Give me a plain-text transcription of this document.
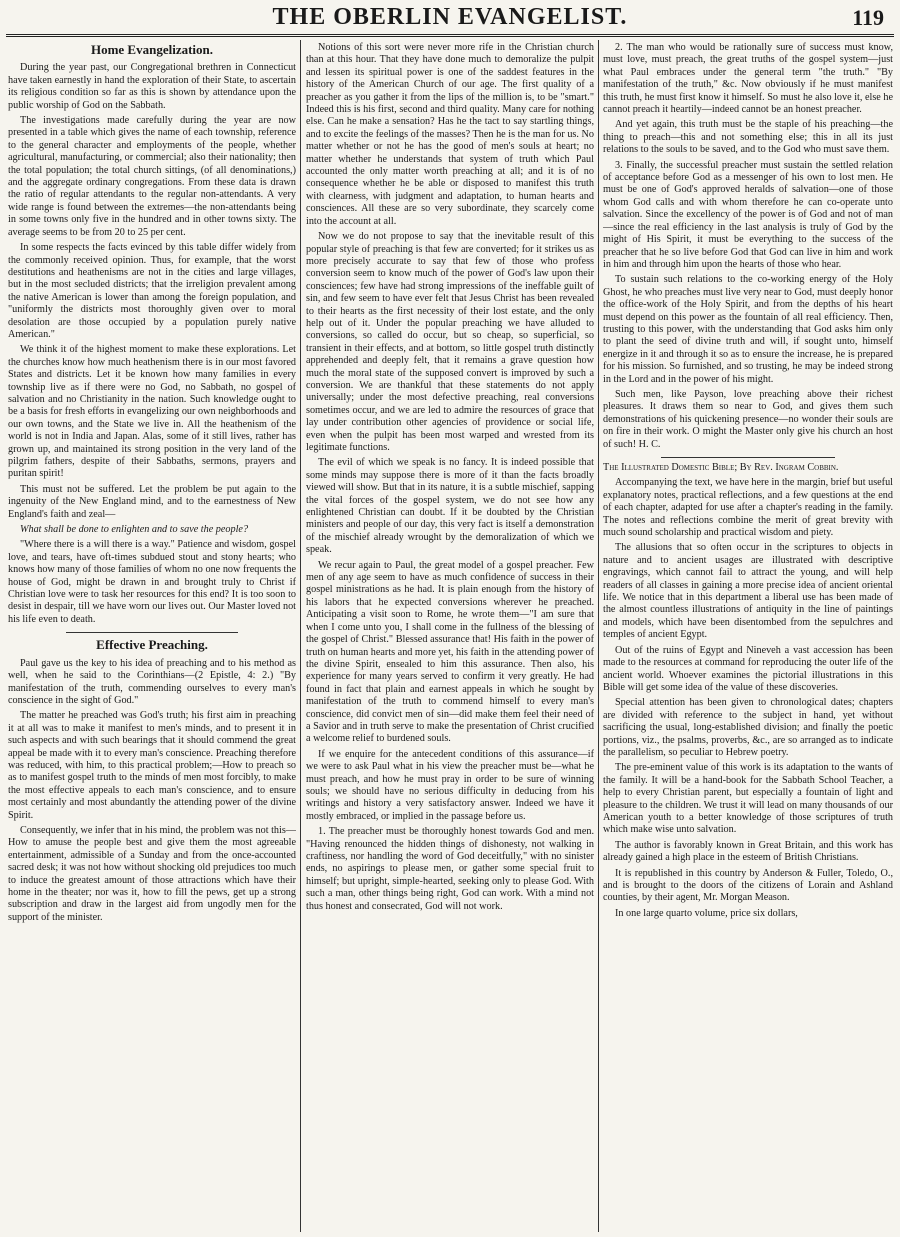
THE OBERLIN EVANGELIST.	119
Home Evangelization.

During the year past, our Congregational brethren in Connecticut have taken earnestly in hand the exploration of their State, to ascertain its religious condition so far as this is shown by attendance upon the public worship of God on the Sabbath.

The investigations made carefully during the year are now presented in a table which gives the name of each township, reference to the general character and employments of the people, whether agricultural, manufacturing, or commercial; also their nationality; then the total population; the total church sittings, (of all denominations,) and the aggregate ordinary congregations. From these data is drawn the ratio of regular attendants to the regular non-attendants. A very wide range is found between the extremes—the non-attendants being in some towns only five in the hundred and in other towns sixty. The average seems to be from 20 to 25 per cent.

In some respects the facts evinced by this table differ widely from the commonly received opinion. Thus, for example, that the worst destitutions and heathenisms are not in the cities and large villages, but in the most secluded districts; that the irreligion prevalent among the native American is lower than among the foreign population, and "uniformly the districts most thoroughly given over to moral desolation are those occupied by a population purely native American."

We think it of the highest moment to make these explorations. Let the churches know how much heathenism there is in our most favored States and districts. Let it be known how many families in every township live as if there were no God, no Sabbath, no gospel of salvation and no Christianity in the nation. Such knowledge ought to be a basis for fresh efforts in evangelizing our own neighborhoods and our own towns, and the State we live in. All the heathenism of the world is not in India and Japan. Alas, some of it still lives, rather has grown up, and maintained its strong position in the very land of the pilgrim fathers, despite of their Sabbaths, sermons, prayers and puritan spirit!

This must not be suffered. Let the problem be put again to the ingenuity of the New England mind, and to the earnestness of New England's faith and zeal—

What shall be done to enlighten and to save the people?

"Where there is a will there is a way." Patience and wisdom, gospel love, and tears, have oft-times subdued stout and stony hearts; who knows how many of those families of whom no one now frequents the house of God, might be drawn in and brought truly to Christ if Christian love were to task her resources for this end? It is too soon to desist in despair, till we have worn our lives out. Our Master loved not his life even to death.

Effective Preaching.

Paul gave us the key to his idea of preaching and to his method as well, when he said to the Corinthians—(2 Epistle, 4: 2.) "By manifestation of the truth, commending ourselves to every man's conscience in the sight of God."

The matter he preached was God's truth; his first aim in preaching it at all was to make it manifest to men's minds, and to present it in such aspects and with such bearings that it should commend the great appeal be made with it to every man's conscience. Preaching therefore was reduced, with him, to this practical problem;—How to preach so as to manifest gospel truth to the minds of men most forcibly, to make the most effective appeals to each man's conscience, and to ensure most certainly and most abundantly the attending power of the divine Spirit.

Consequently, we infer that in his mind, the problem was not this—How to amuse the people best and give them the most agreeable entertainment, admissible of a Sunday and from the once-accounted sacred desk; it was not how without shocking old prejudices too much to induce the greatest amount of those attractions which have their home in the theater; nor was it, how to fill the pews, get up a strong subscription and draw in the largest aid from ungodly men for the support of the minister.

Notions of this sort were never more rife in the Christian church than at this hour. That they have done much to demoralize the pulpit and lessen its spiritual power is one of the saddest features in the history of the American Church of our age. The first quality of a preacher as you gather it from the lips of the million is, to be "smart." Indeed this is his first, second and third quality. Many care for nothing else. Can he make a sensation? Has he the tact to say startling things, and to excite the feelings of the masses? Then he is the man for us. No matter whether or not he has the good of men's souls at heart; no matter whether he understands that system of truth which Paul accounted the only matter worth preaching at all; and it is of no consequence whether he be able or disposed to manifest this truth with clearness, with judgment and adaptation, to human hearts and consciences. All these are so very subordinate, they scarcely come into the account at all.

Now we do not propose to say that the inevitable result of this popular style of preaching is that few are converted; for it strikes us as more precisely accurate to say that few of those who profess conversion seem to know much of the power of God's law upon their consciences; few have had strong impressions of the ineffable guilt of sin, and few seem to have ever felt that Jesus Christ has been revealed to their hearts as the first necessity of their lost estate, and the only help out of it. Under the popular preaching we have alluded to conversions, so called do occur, but so cheap, so superficial, so transient in their effects, and at bottom, so little gospel truth distinctly apprehended and deeply felt, that it remains a grave question how much the moral state of the supposed convert is improved by such a conversion. We are thankful that these statements do not apply universally; under the most defective preaching, real conversions sometimes occur, and we are led to admire the resources of grace that lay under contribution other agencies of providence or social life, even when the pulpit has been most warped and wrested from its legitimate functions.

The evil of which we speak is no fancy. It is indeed possible that some minds may suppose there is more of it than the facts broadly viewed will show. But that in its nature, it is a subtle mischief, sapping the vital forces of the gospel system, we do not see how any enlightened Christian can doubt. If it be doubted by the Christian ministers and people of our day, this very fact is itself a demonstration of the mischief already wrought by the demoralization of which we speak.

We recur again to Paul, the great model of a gospel preacher. Few men of any age seem to have as much confidence of success in their gospel ministrations as he had. It is plain enough from the history of his labors that he expected conversions wherever he preached. Anticipating a visit soon to Rome, he wrote them—"I am sure that when I come unto you, I shall come in the fullness of the blessing of the gospel of Christ." Blessed assurance that! His faith in the power of truth on human hearts and more yet, his faith in the attending power of the divine Spirit, ensealed to him this assurance. Then also, his experience for many years served to confirm it very greatly. He had found in fact that plain and earnest appeals in which he sought by manifestation of the truth to commend himself to every man's conscience, did convict men of sin—did make them feel their need of a Savior and in truth serve to make the presentation of Christ crucified a welcome relief to burdened souls.

If we enquire for the antecedent conditions of this assurance—if we were to ask Paul what in his view the preacher must be—what he must preach, and how he must pray in order to be sure of winning souls; we should have no serious difficulty in deducing from his writings and history a very satisfactory answer. Indeed we have it mostly embraced, or implied in the passage before us.

1. The preacher must be thoroughly honest towards God and men. "Having renounced the hidden things of dishonesty, not walking in craftiness, nor handling the word of God deceitfully," with no sinister ends, no aspirings to please men, or gather some special fruit to himself; but upright, simple-hearted, seeking only to please God. With such a man, other things being right, God can work. With a mind not thus honest and consecrated, God will not work.

2. The man who would be rationally sure of success must know, must love, must preach, the great truths of the gospel system—just what Paul embraces under the general term "the truth." "By manifestation of the truth," &c. Now obviously if he must manifest this truth, he must first know it himself. So must he also love it, else he cannot preach it heartily—indeed cannot be an honest preacher.

And yet again, this truth must be the staple of his preaching—the thing to preach—this and not something else; this in all its just relations to the souls to be saved, and to the God who must save them.

3. Finally, the successful preacher must sustain the settled relation of acceptance before God as a messenger of his own to lost men. He must be one of God's approved heralds of salvation—one of those whom God calls and with whom therefore he can co-operate unto salvation. Since the excellency of the power is of God and not of man—since the real efficiency in the last analysis is truly of God by the might of His Spirit, it must be everything to the success of the preacher that he so live before God that God can live in him and work in him and through him upon the hearts of those who hear.

To sustain such relations to the co-working energy of the Holy Ghost, he who preaches must live very near to God, must deeply honor the office-work of the Holy Spirit, and from the depths of his heart must depend on this power as the fountain of all real efficiency. Then, trusting to this power, with the understanding that God asks him only to plant the seed of divine truth and will, if sought unto, himself energize in it and through it so as to ensure the increase, he is prepared for his mission. So furnished, and so trusting, he may be indeed strong in the Lord and in the power of his might.

Such men, like Payson, love preaching above their richest pleasures. It draws them so near to God, and gives them such demonstrations of his quickening presence—no wonder their souls are on fire in their work. O might the Master only give his church an host of such! H. C.

The Illustrated Domestic Bible; By Rev. Ingram Cobbin.

Accompanying the text, we have here in the margin, brief but useful explanatory notes, practical reflections, and a few questions at the end of each chapter, adapted for use after a chapter's reading in the family. The notes and reflections combine the merit of great brevity with much sound scholarship and practical wisdom and piety.

The allusions that so often occur in the scriptures to objects in nature and to ancient usages are illustrated with descriptive engravings, which cannot fail to attract the young, and will help readers of all classes in gaining a more precise idea of ancient oriental life. We notice that in this department a liberal use has been made of the almost countless illustrations of antiquity in the line of paintings and models, which have been disentombed from the sepulchres and temples of ancient Egypt.

Out of the ruins of Egypt and Nineveh a vast accession has been made to the resources at command for reproducing the outer life of the ancient world. Whoever examines the pictorial illustrations in this Bible will get some idea of the value of these discoveries.

Special attention has been given to chronological dates; chapters are divided with reference to the subject in hand, yet without sacrificing the usual, long-established division; and finally the poetic portions, viz., the psalms, proverbs, &c., are so arranged as to indicate the parallelism, so peculiar to Hebrew poetry.

The pre-eminent value of this work is its adaptation to the wants of the family. It will be a hand-book for the Sabbath School Teacher, a help to every Christian parent, but especially a fountain of light and pleasure to the children. We trust it will lead on many thousands of our American youth to a better knowledge of those scriptures of truth which make wise unto salvation.

The author is favorably known in Great Britain, and this work has already gained a high place in the esteem of British Christians.

It is republished in this country by Anderson & Fuller, Toledo, O., and is brought to the doors of the citizens of Lorain and Ashland counties, by their agent, Mr. Morgan Meason.

In one large quarto volume, price six dollars,
